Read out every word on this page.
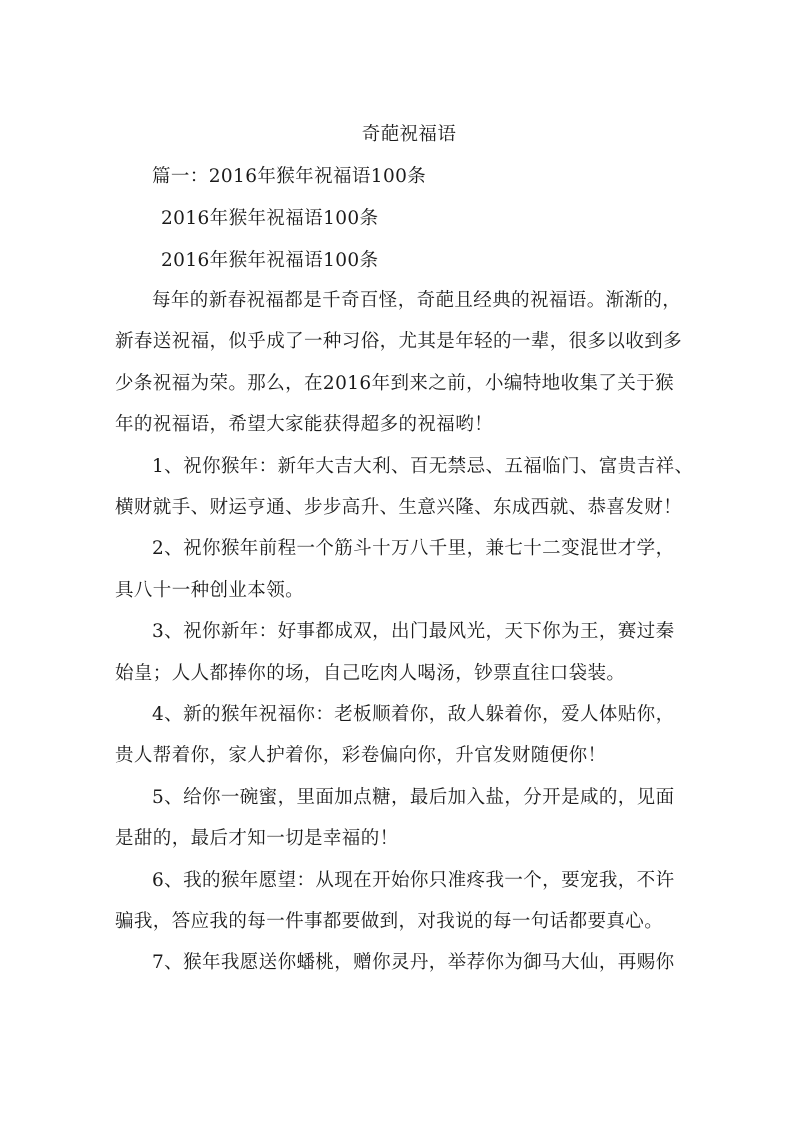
奇葩祝福语
篇一：2016年猴年祝福语100条
2016年猴年祝福语100条
2016年猴年祝福语100条
每年的新春祝福都是千奇百怪，奇葩且经典的祝福语。渐渐的，
新春送祝福，似乎成了一种习俗，尤其是年轻的一辈，很多以收到多
少条祝福为荣。那么，在2016年到来之前，小编特地收集了关于猴
年的祝福语，希望大家能获得超多的祝福哟！
1、祝你猴年：新年大吉大利、百无禁忌、五福临门、富贵吉祥、
横财就手、财运亨通、步步高升、生意兴隆、东成西就、恭喜发财！
2、祝你猴年前程一个筋斗十万八千里，兼七十二变混世才学，
具八十一种创业本领。
3、祝你新年：好事都成双，出门最风光，天下你为王，赛过秦
始皇；人人都捧你的场，自己吃肉人喝汤，钞票直往口袋装。
4、新的猴年祝福你：老板顺着你，敌人躲着你，爱人体贴你，
贵人帮着你，家人护着你，彩卷偏向你，升官发财随便你！
5、给你一碗蜜，里面加点糖，最后加入盐，分开是咸的，见面
是甜的，最后才知一切是幸福的！
6、我的猴年愿望：从现在开始你只准疼我一个，要宠我，不许
骗我，答应我的每一件事都要做到，对我说的每一句话都要真心。
7、猴年我愿送你蟠桃，赠你灵丹，举荐你为御马大仙，再赐你
